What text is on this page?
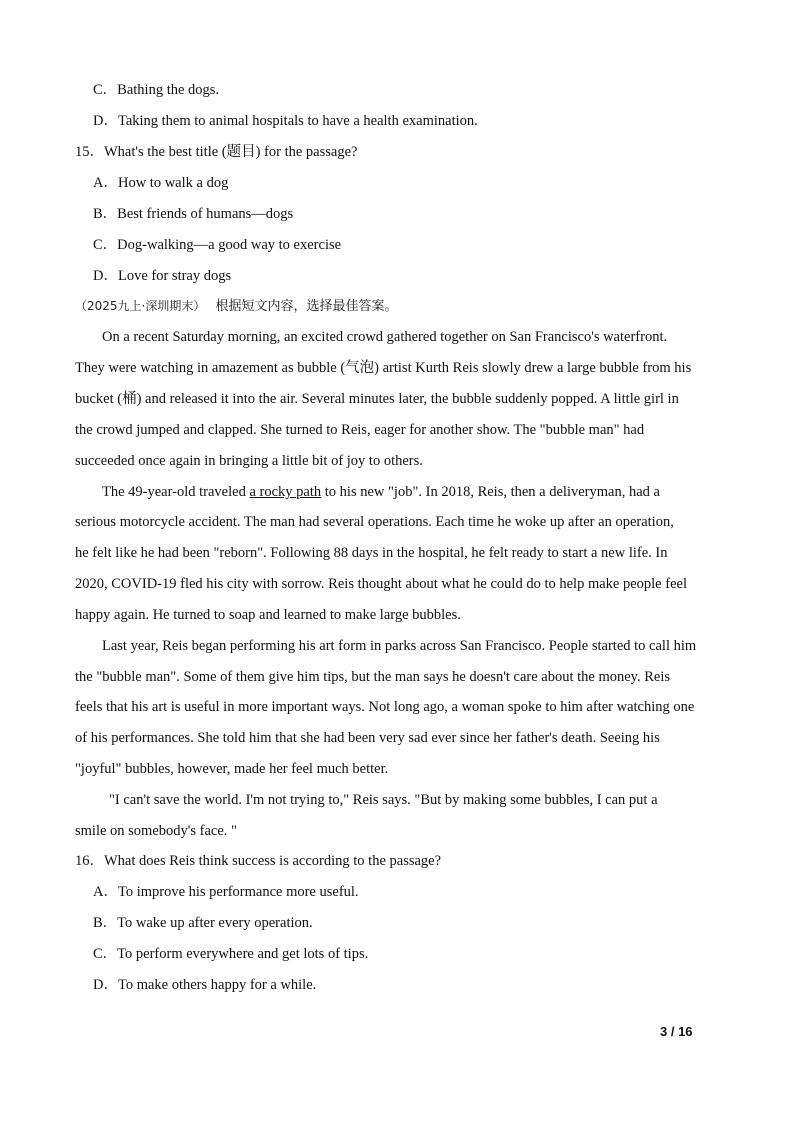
C．Bathing the dogs.
D．Taking them to animal hospitals to have a health examination.
15．What's the best title (题目) for the passage?
A．How to walk a dog
B．Best friends of humans—dogs
C．Dog-walking—a good way to exercise
D．Love for stray dogs
（2025九上·深圳期末） 根据短文内容，选择最佳答案。
On a recent Saturday morning, an excited crowd gathered together on San Francisco's waterfront.
They were watching in amazement as bubble (气泡) artist Kurth Reis slowly drew a large bubble from his
bucket (桶) and released it into the air. Several minutes later, the bubble suddenly popped. A little girl in
the crowd jumped and clapped. She turned to Reis, eager for another show. The "bubble man" had
succeeded once again in bringing a little bit of joy to others.
The 49-year-old traveled a rocky path to his new "job". In 2018, Reis, then a deliveryman, had a
serious motorcycle accident. The man had several operations. Each time he woke up after an operation,
he felt like he had been "reborn". Following 88 days in the hospital, he felt ready to start a new life. In
2020, COVID-19 fled his city with sorrow. Reis thought about what he could do to help make people feel
happy again. He turned to soap and learned to make large bubbles.
Last year, Reis began performing his art form in parks across San Francisco. People started to call him
the "bubble man". Some of them give him tips, but the man says he doesn't care about the money. Reis
feels that his art is useful in more important ways. Not long ago, a woman spoke to him after watching one
of his performances. She told him that she had been very sad ever since her father's death. Seeing his
"joyful" bubbles, however, made her feel much better.
"I can't save the world. I'm not trying to," Reis says. "But by making some bubbles, I can put a
smile on somebody's face. "
16．What does Reis think success is according to the passage?
A．To improve his performance more useful.
B．To wake up after every operation.
C．To perform everywhere and get lots of tips.
D．To make others happy for a while.
3 / 16
